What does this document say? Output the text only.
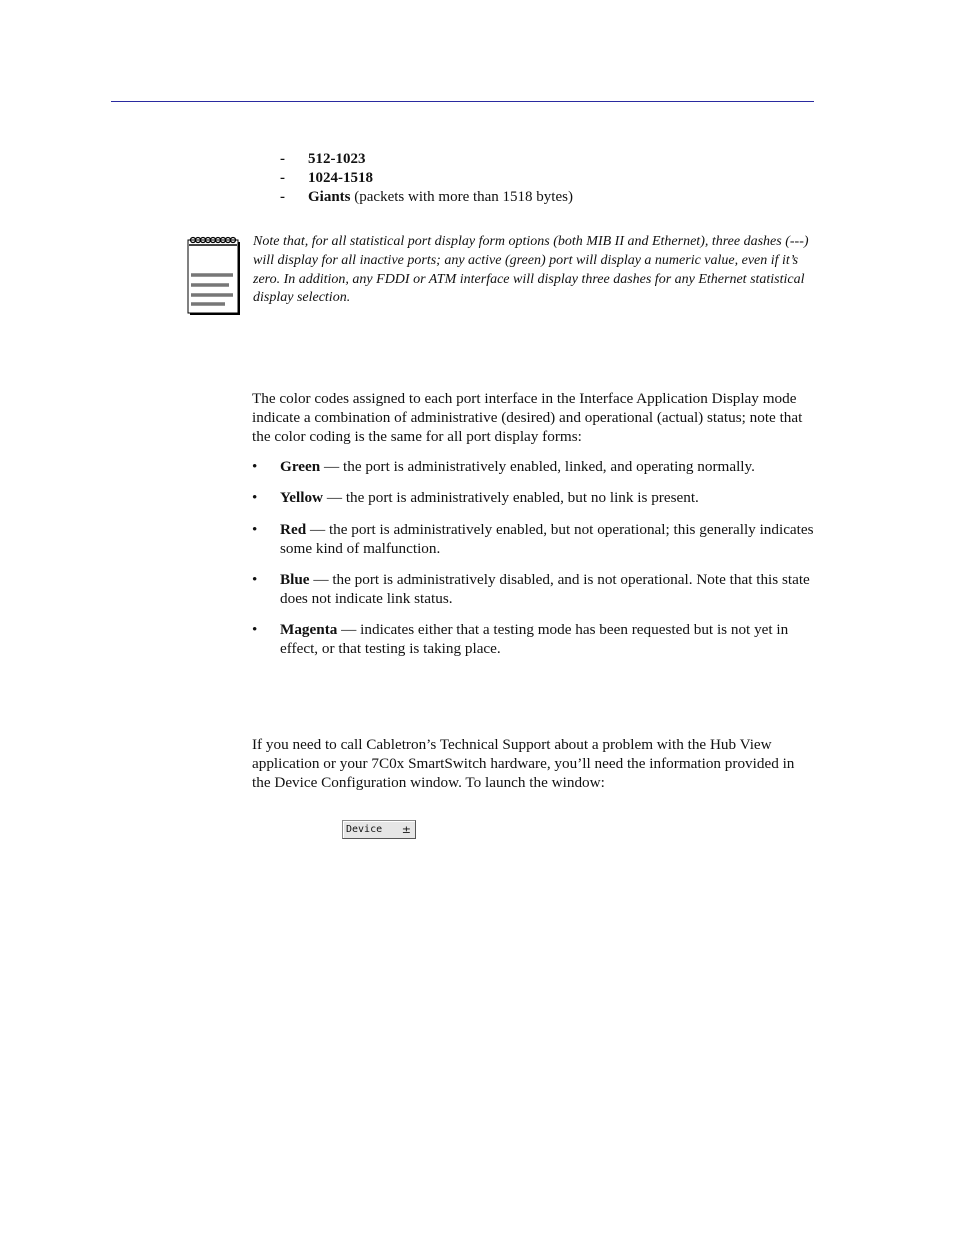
-	512-1023
-	1024-1518
-	Giants (packets with more than 1518 bytes)
Note that, for all statistical port display form options (both MIB II and Ethernet), three dashes (---) will display for all inactive ports; any active (green) port will display a numeric value, even if it’s zero. In addition, any FDDI or ATM interface will display three dashes for any Ethernet statistical display selection.
The color codes assigned to each port interface in the Interface Application Display mode indicate a combination of administrative (desired) and operational (actual) status; note that the color coding is the same for all port display forms:
•	Green — the port is administratively enabled, linked, and operating normally.
•	Yellow — the port is administratively enabled, but no link is present.
•	Red — the port is administratively enabled, but not operational; this generally indicates some kind of malfunction.
•	Blue — the port is administratively disabled, and is not operational. Note that this state does not indicate link status.
•	Magenta — indicates either that a testing mode has been requested but is not yet in effect, or that testing is taking place.
If you need to call Cabletron’s Technical Support about a problem with the Hub View application or your 7C0x SmartSwitch hardware, you’ll need the information provided in the Device Configuration window. To launch the window:
Device ±
